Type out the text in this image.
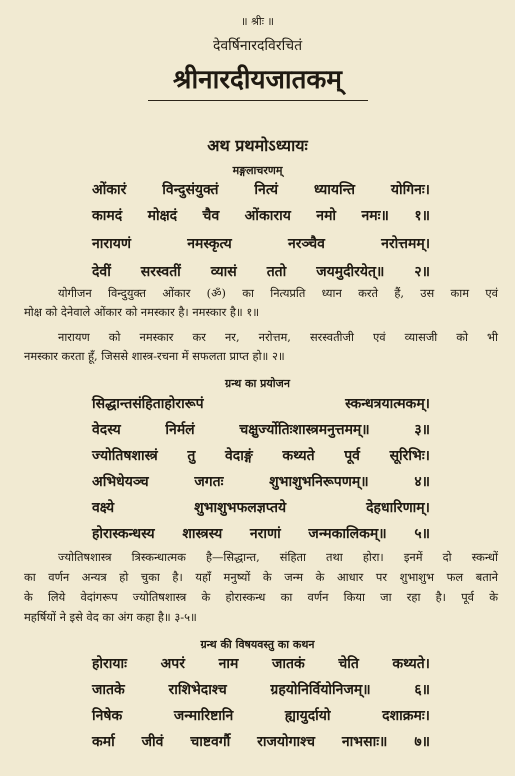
॥ श्रीः ॥
देवर्षिनारदविरचितं
श्रीनारदीयजातकम्
अथ प्रथमोऽध्यायः
मङ्गलाचरणम्
ओंकारं विन्दुसंयुक्तं नित्यं ध्यायन्ति योगिनः।
कामदं मोक्षदं चैव ओंकाराय नमो नमः॥ १॥
नारायणं नमस्कृत्य नरञ्चैव नरोत्तमम्।
देवीं सरस्वतीं व्यासं ततो जयमुदीरयेत्॥ २॥
योगीजन विन्दुयुक्त ओंकार (ॐ) का नित्यप्रति ध्यान करते हैं, उस काम एवं
मोक्ष को देनेवाले ओंकार को नमस्कार है। नमस्कार है॥ १॥
नारायण को नमस्कार कर नर, नरोत्तम, सरस्वतीजी एवं व्यासजी को भी
नमस्कार करता हूँ, जिससे शास्त्र-रचना में सफलता प्राप्त हो॥ २॥
ग्रन्थ का प्रयोजन
सिद्धान्तसंहिताहोरारूपं स्कन्धत्रयात्मकम्।
वेदस्य निर्मलं चक्षुर्ज्योतिःशास्त्रमनुत्तमम्॥ ३॥
ज्योतिषशास्त्रं तु वेदाङ्गं कथ्यते पूर्व सूरिभिः।
अभिधेयञ्च जगतः शुभाशुभनिरूपणम्॥ ४॥
वक्ष्ये शुभाशुभफलज्ञप्तये देहधारिणाम्।
होरास्कन्धस्य शास्त्रस्य नराणां जन्मकालिकम्॥ ५॥
ज्योतिषशास्त्र त्रिस्कन्धात्मक है—सिद्धान्त, संहिता तथा होरा। इनमें दो स्कन्धों
का वर्णन अन्यत्र हो चुका है। यहाँ मनुष्यों के जन्म के आधार पर शुभाशुभ फल बताने
के लिये वेदांगरूप ज्योतिषशास्त्र के होरास्कन्ध का वर्णन किया जा रहा है। पूर्व के
महर्षियों ने इसे वेद का अंग कहा है॥ ३-५॥
ग्रन्थ की विषयवस्तु का कथन
होरायाः अपरं नाम जातकं चेति कथ्यते।
जातके राशिभेदाश्च ग्रहयोनिर्वियोनिजम्॥ ६॥
निषेक जन्मारिष्टानि ह्यायुर्दायो दशाक्रमः।
कर्मा जीवं चाष्टवर्गौ राजयोगाश्च नाभसाः॥ ७॥
